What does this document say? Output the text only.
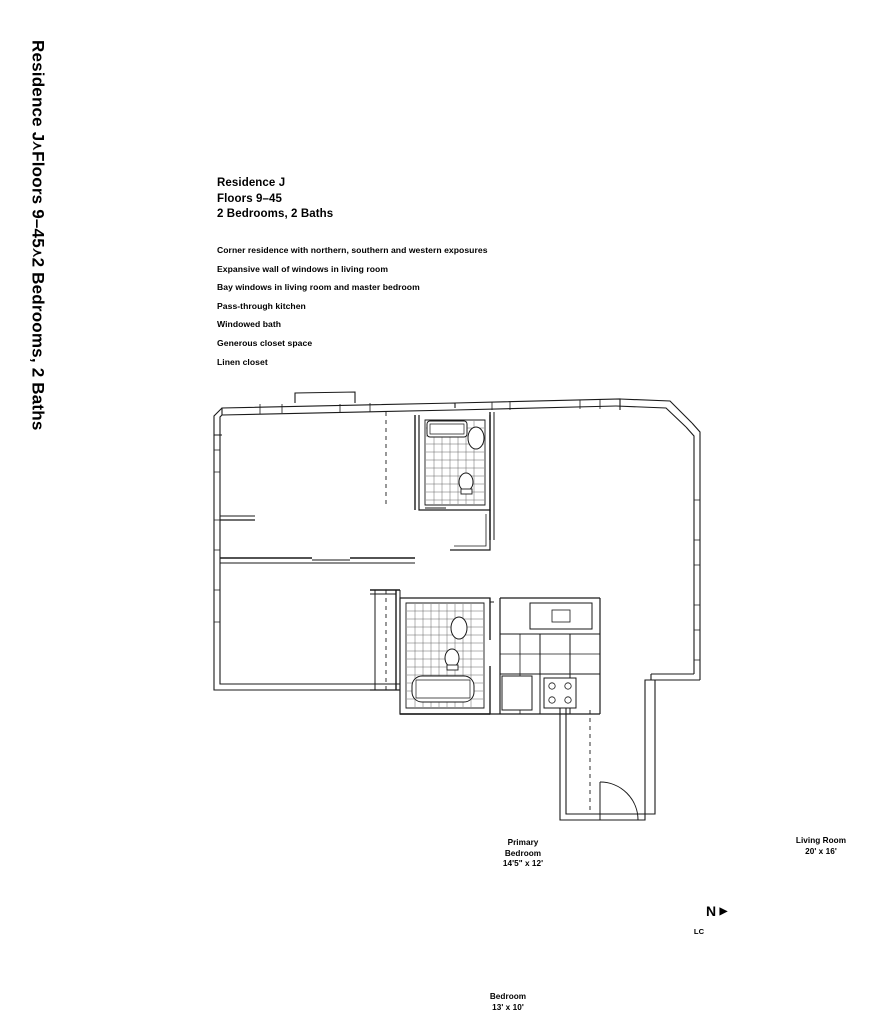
Residence J⋏Floors 9–45⋏2 Bedrooms, 2 Baths
Residence J
Floors 9–45
2 Bedrooms, 2 Baths
Corner residence with northern, southern and western exposures
Expansive wall of windows in living room
Bay windows in living room and master bedroom
Pass-through kitchen
Windowed bath
Generous closet space
Linen closet
Primary
Bedroom
14'5" x 12'
Living Room
20' x 16'
Bedroom
13' x 10'
LC
N ▶
